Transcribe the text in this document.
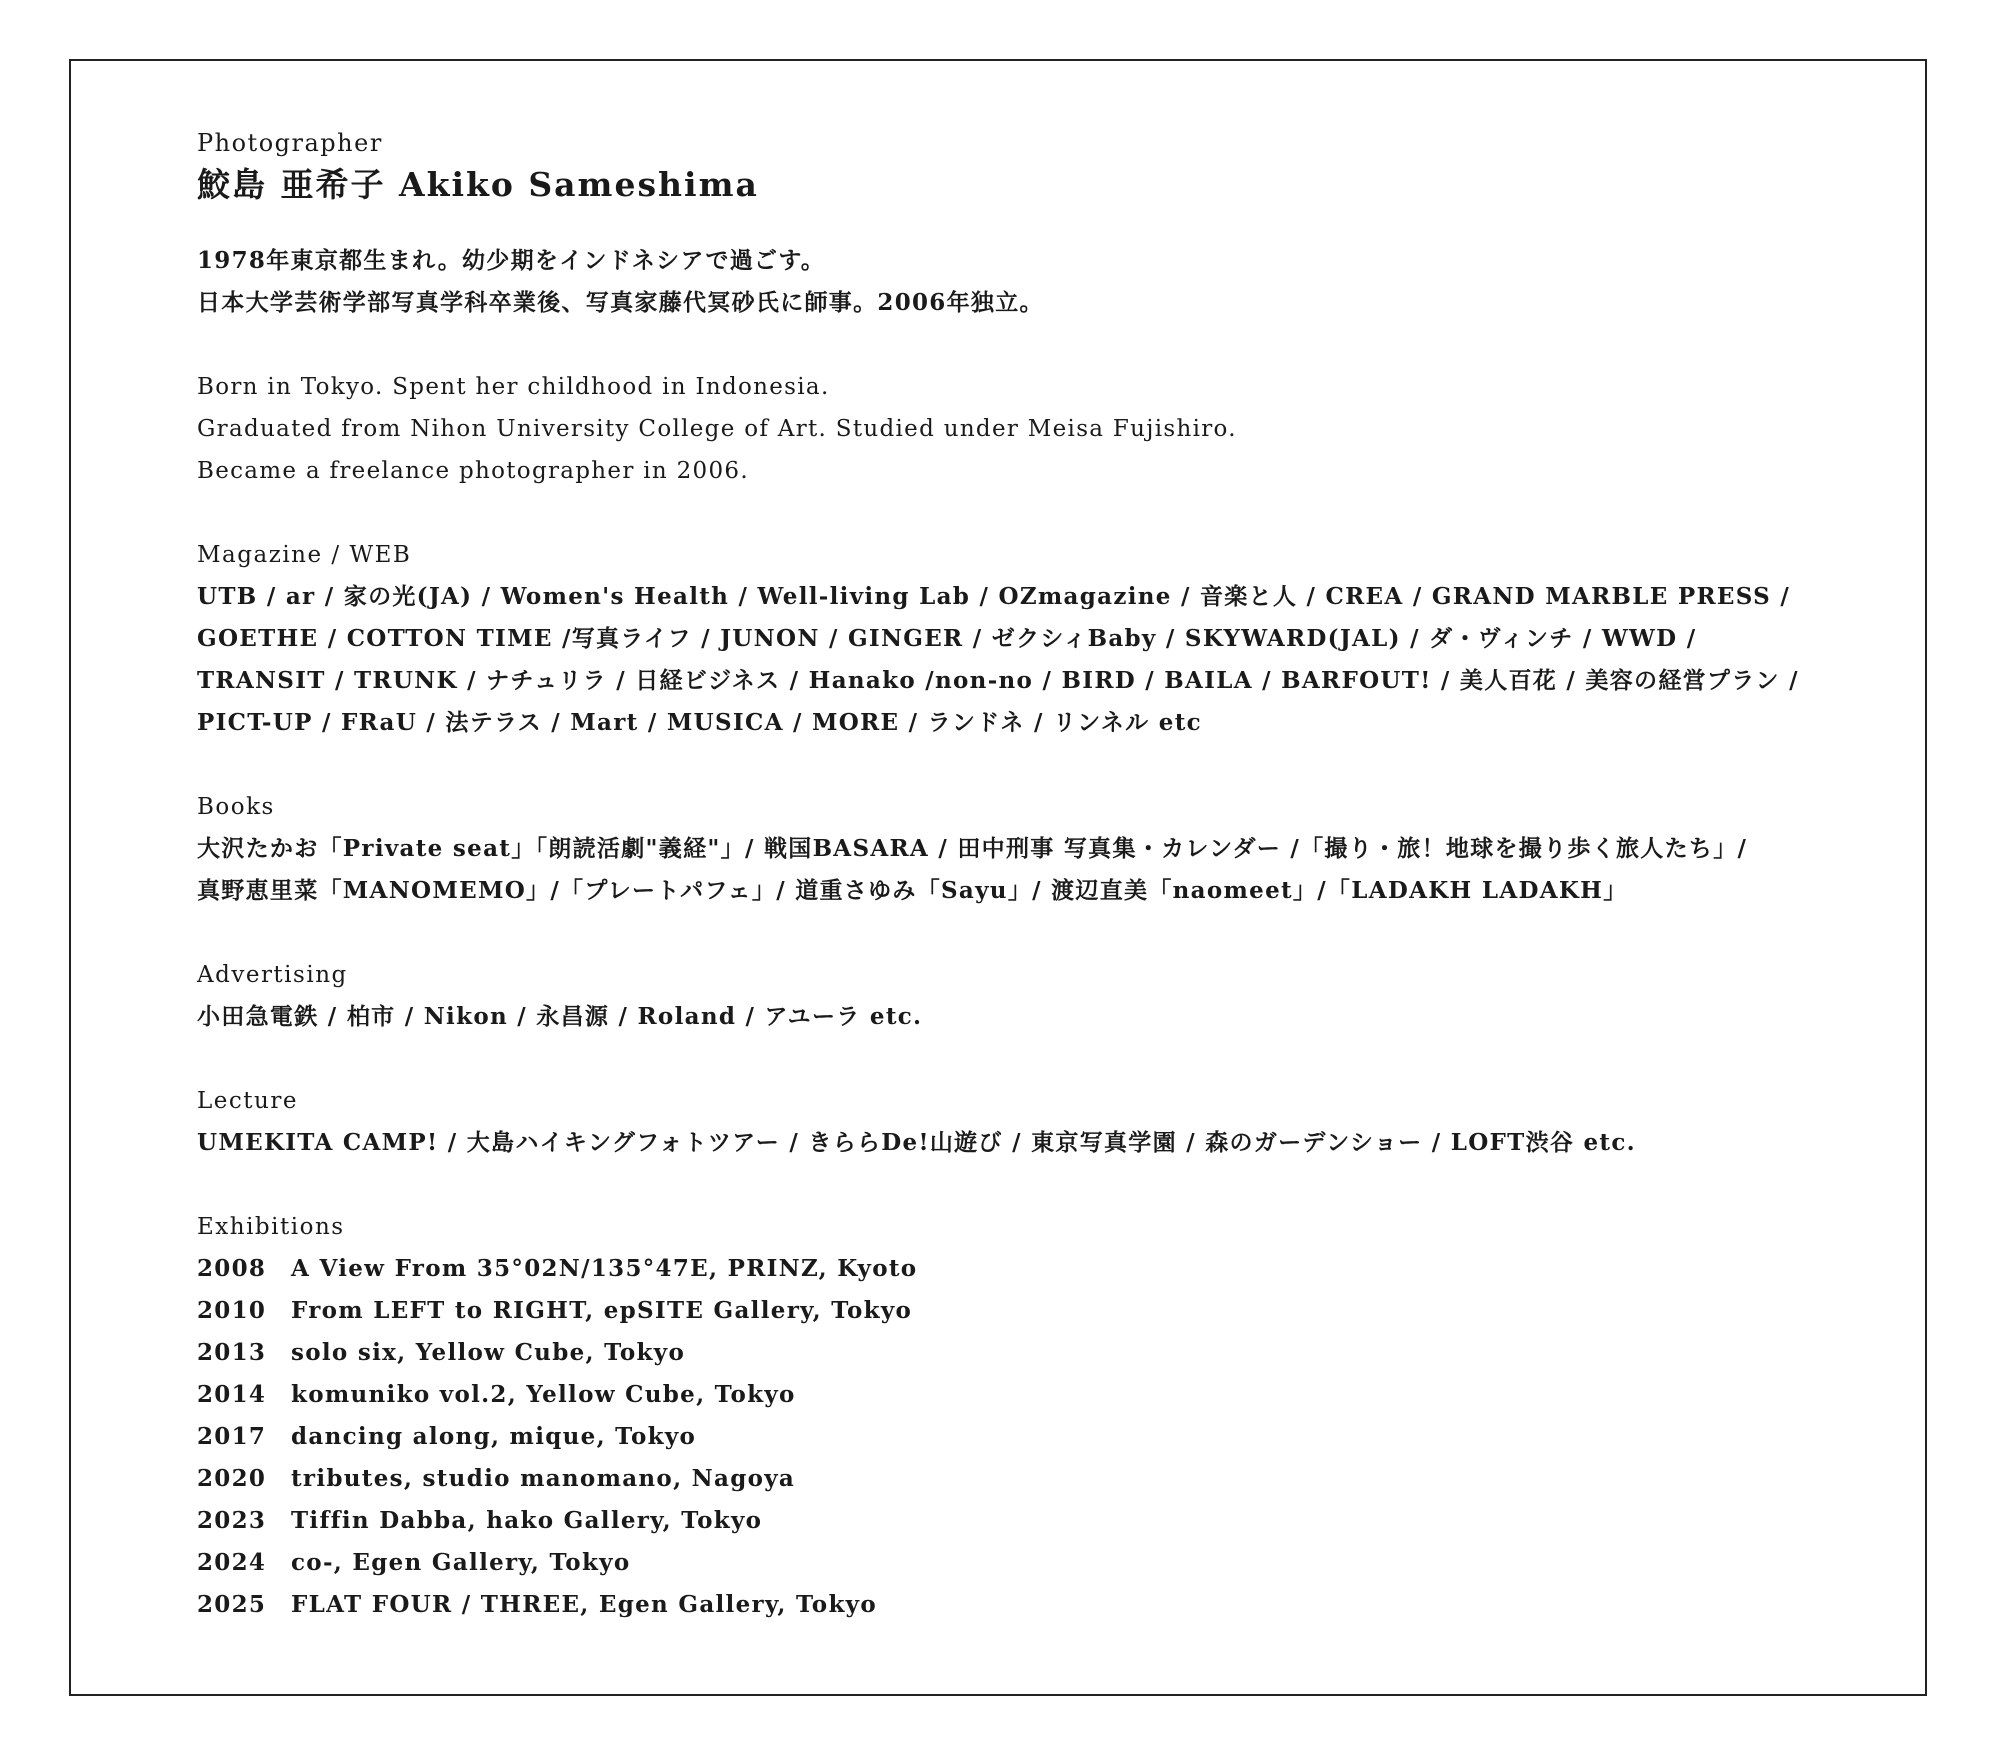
Photographer
鮫島 亜希子 Akiko Sameshima
1978年東京都生まれ。幼少期をインドネシアで過ごす。
日本大学芸術学部写真学科卒業後、写真家藤代冥砂氏に師事。2006年独立。
Born in Tokyo. Spent her childhood in Indonesia.
Graduated from Nihon University College of Art. Studied under Meisa Fujishiro.
Became a freelance photographer in 2006.
Magazine / WEB
UTB / ar / 家の光(JA) / Women's Health / Well-living Lab / OZmagazine / 音楽と人 / CREA / GRAND MARBLE PRESS /
GOETHE / COTTON TIME /写真ライフ / JUNON / GINGER / ゼクシィBaby / SKYWARD(JAL) / ダ・ヴィンチ / WWD /
TRANSIT / TRUNK / ナチュリラ / 日経ビジネス / Hanako /non-no / BIRD / BAILA / BARFOUT! / 美人百花 / 美容の経営プラン /
PICT-UP / FRaU / 法テラス / Mart / MUSICA / MORE / ランドネ / リンネル etc
Books
大沢たかお「Private seat」「朗読活劇"義経"」/ 戦国BASARA / 田中刑事 写真集・カレンダー /「撮り・旅！地球を撮り歩く旅人たち」/
真野恵里菜「MANOMEMO」/「プレートパフェ」/ 道重さゆみ「Sayu」/ 渡辺直美「naomeet」/「LADAKH LADAKH」
Advertising
小田急電鉄 / 柏市 / Nikon / 永昌源 / Roland / アユーラ etc.
Lecture
UMEKITA CAMP! / 大島ハイキングフォトツアー / きららDe!山遊び / 東京写真学園 / 森のガーデンショー / LOFT渋谷 etc.
Exhibitions
2008 A View From 35°02N/135°47E, PRINZ, Kyoto
2010 From LEFT to RIGHT, epSITE Gallery, Tokyo
2013 solo six, Yellow Cube, Tokyo
2014 komuniko vol.2, Yellow Cube, Tokyo
2017 dancing along, mique, Tokyo
2020 tributes, studio manomano, Nagoya
2023 Tiffin Dabba, hako Gallery, Tokyo
2024 co-, Egen Gallery, Tokyo
2025 FLAT FOUR / THREE, Egen Gallery, Tokyo
